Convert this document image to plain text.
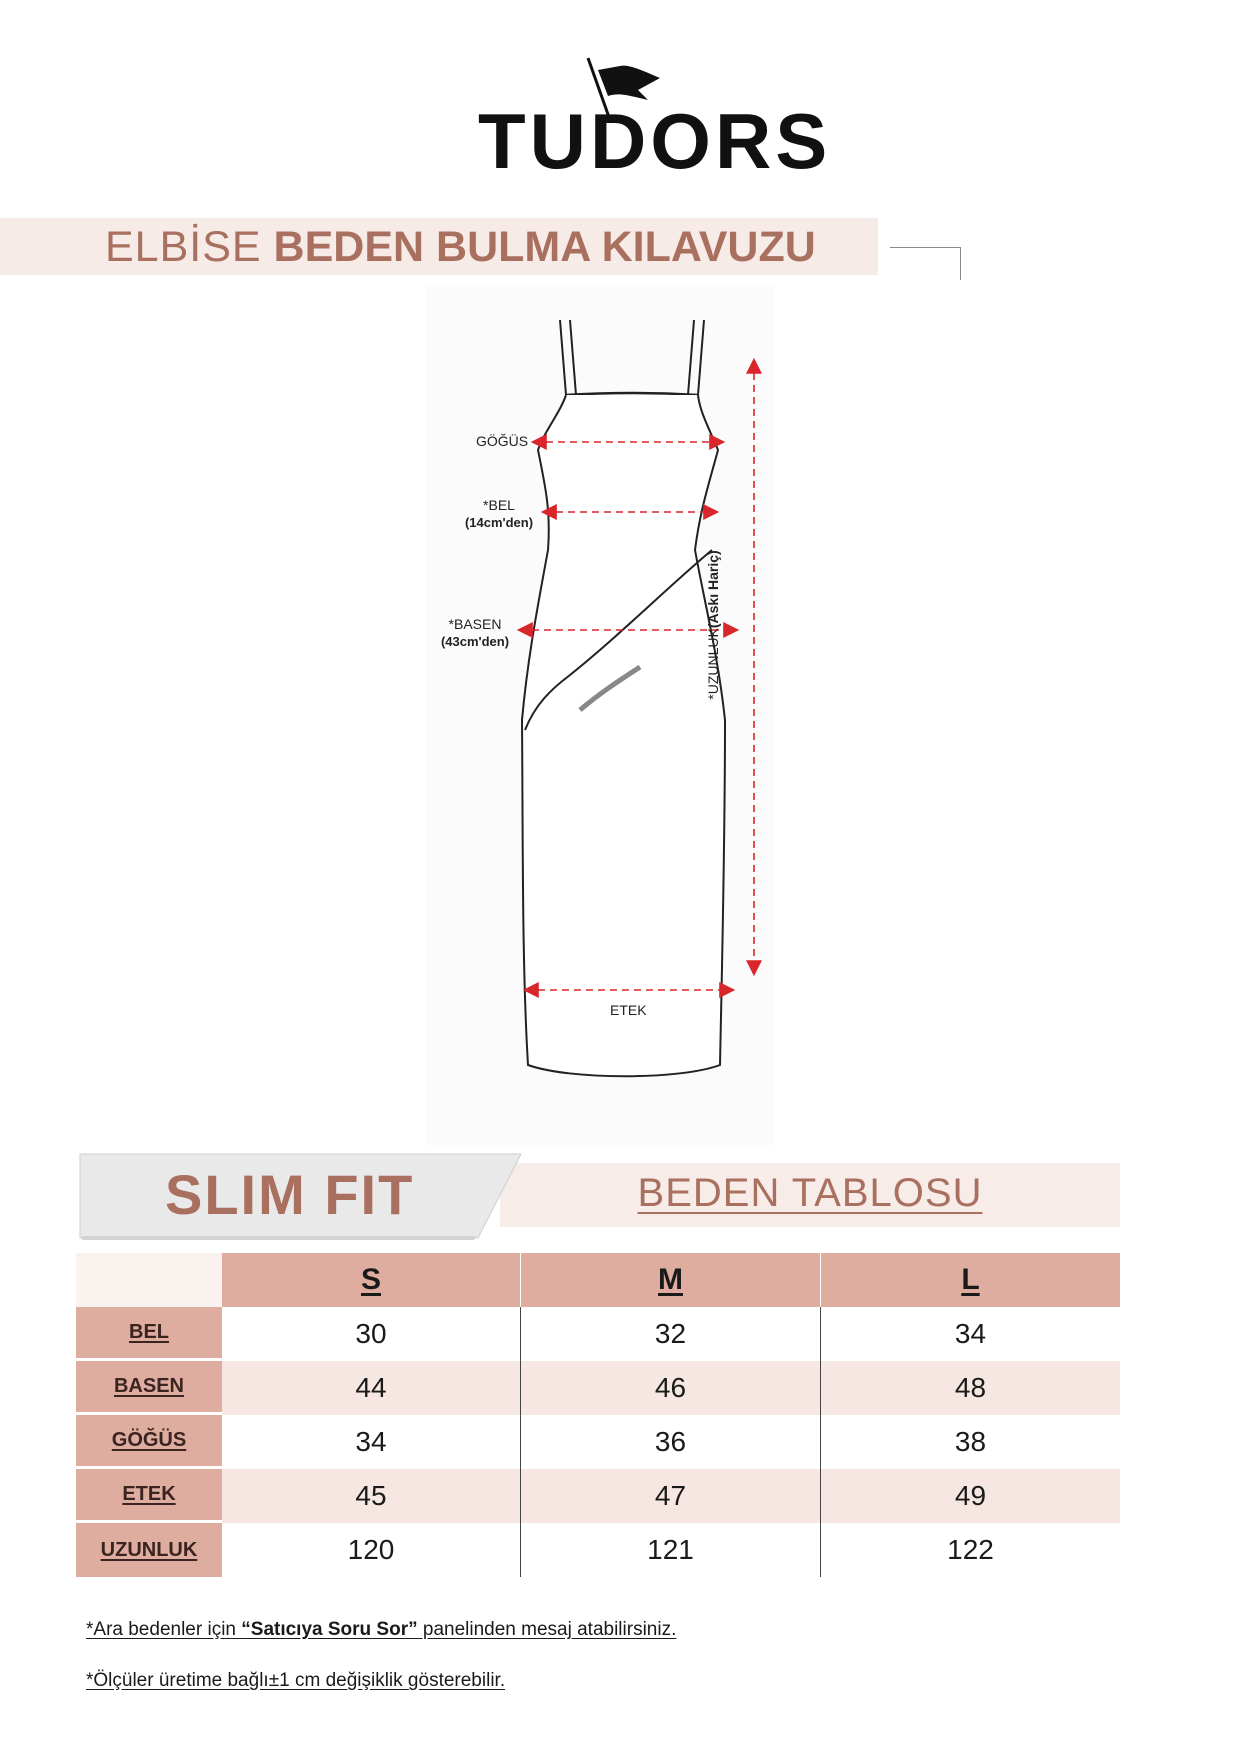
TUDORS
ELBİSE BEDEN BULMA KILAVUZU
GÖĞÜS
*BEL
(14cm'den)
*BASEN
(43cm'den)
ETEK
*UZUNLUK(Askı Hariç)
BEDEN TABLOSU
SLIM FIT
S	M	L
BEL	30	32	34
BASEN	44	46	48
GÖĞÜS	34	36	38
ETEK	45	47	49
UZUNLUK	120	121	122
*Ara bedenler için “Satıcıya Soru Sor” panelinden mesaj atabilirsiniz.
*Ölçüler üretime bağlı±1 cm değişiklik gösterebilir.
